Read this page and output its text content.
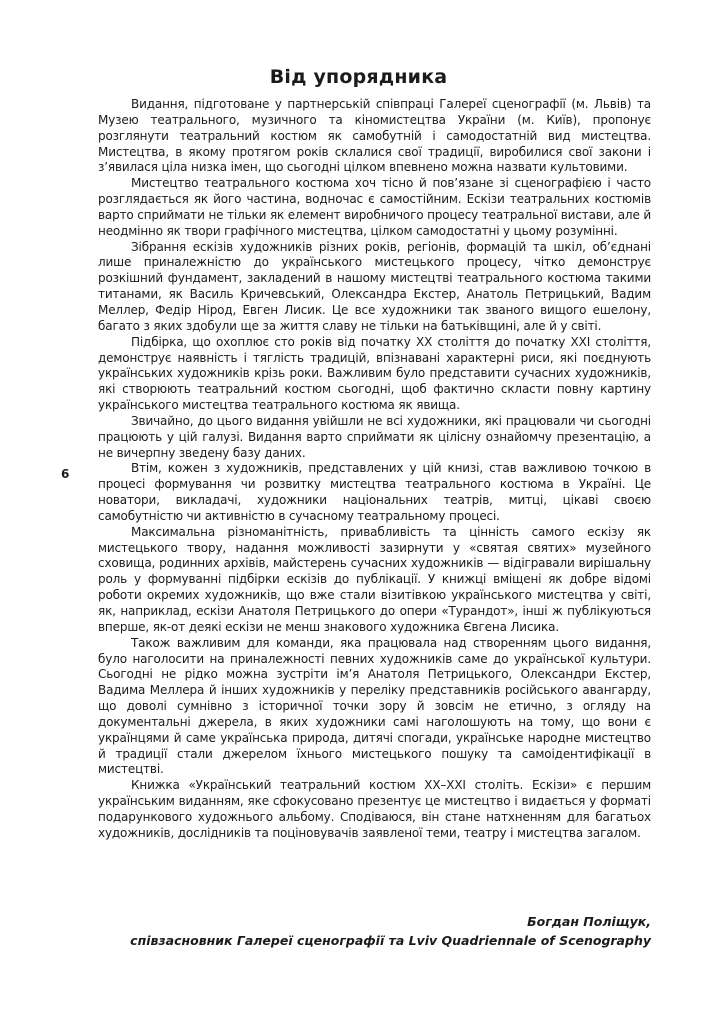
Від упорядника

Видання, підготоване у партнерській співпраці Галереї сценографії (м. Львів) та Музею театрального, музичного та кіномистецтва України (м. Київ), пропонує розглянути театральний костюм як самобутній і самодостатній вид мистецтва. Мистецтва, в якому протягом років склалися свої традиції, виробилися свої закони і з’явилася ціла низка імен, що сьогодні цілком впевнено можна назвати культовими.

Мистецтво театрального костюма хоч тісно й пов’язане зі сценографією і часто розглядається як його частина, водночас є самостійним. Ескізи театральних костюмів варто сприймати не тільки як елемент виробничого процесу театральної вистави, але й неодмінно як твори графічного мистецтва, цілком самодостатні у цьому розумінні.

Зібрання ескізів художників різних років, регіонів, формацій та шкіл, об’єднані лише приналежністю до українського мистецького процесу, чітко демонструє розкішний фундамент, закладений в нашому мистецтві театрального костюма такими титанами, як Василь Кричевський, Олександра Екстер, Анатоль Петрицький, Вадим Меллер, Федір Нірод, Евген Лисик. Це все художники так званого вищого ешелону, багато з яких здобули ще за життя славу не тільки на батьківщині, але й у світі.

Підбірка, що охоплює сто років від початку ХХ століття до початку ХХІ століття, демонструє наявність і тяглість традицій, впізнавані характерні риси, які поєднують українських художників крізь роки. Важливим було представити сучасних художників, які створюють театральний костюм сьогодні, щоб фактично скласти повну картину українського мистецтва театрального костюма як явища.

Звичайно, до цього видання увійшли не всі художники, які працювали чи сьогодні працюють у цій галузі. Видання варто сприймати як цілісну ознайомчу презентацію, а не вичерпну зведену базу даних.

Втім, кожен з художників, представлених у цій книзі, став важливою точкою в процесі формування чи розвитку мистецтва театрального костюма в Україні. Це новатори, викладачі, художники національних театрів, митці, цікаві своєю самобутністю чи активністю в сучасному театральному процесі.

Максимальна різноманітність, привабливість та цінність самого ескізу як мистецького твору, надання можливості зазирнути у «святая святих» музейного сховища, родинних архівів, майстерень сучасних художників — відігравали вирішальну роль у формуванні підбірки ескізів до публікації. У книжці вміщені як добре відомі роботи окремих художників, що вже стали візитівкою українського мистецтва у світі, як, наприклад, ескізи Анатоля Петрицького до опери «Турандот», інші ж публікуються вперше, як-от деякі ескізи не менш знакового художника Євгена Лисика.

Також важливим для команди, яка працювала над створенням цього видання, було наголосити на приналежності певних художників саме до української культури. Сьогодні не рідко можна зустріти ім’я Анатоля Петрицького, Олександри Екстер, Вадима Меллера й інших художників у переліку представників російського авангарду, що доволі сумнівно з історичної точки зору й зовсім не етично, з огляду на документальні джерела, в яких художники самі наголошують на тому, що вони є українцями й саме українська природа, дитячі спогади, українське народне мистецтво й традиції стали джерелом їхнього мистецького пошуку та самоідентифікації в мистецтві.

Книжка «Український театральний костюм ХХ–ХХІ століть. Ескізи» є першим українським виданням, яке сфокусовано презентує це мистецтво і видається у форматі подарункового художнього альбому. Сподіваюся, він стане натхненням для багатьох художників, дослідників та поціновувачів заявленої теми, театру і мистецтва загалом.

6
Богдан Поліщук,
співзасновник Галереї сценографії та Lviv Quadriennale of Scenography
